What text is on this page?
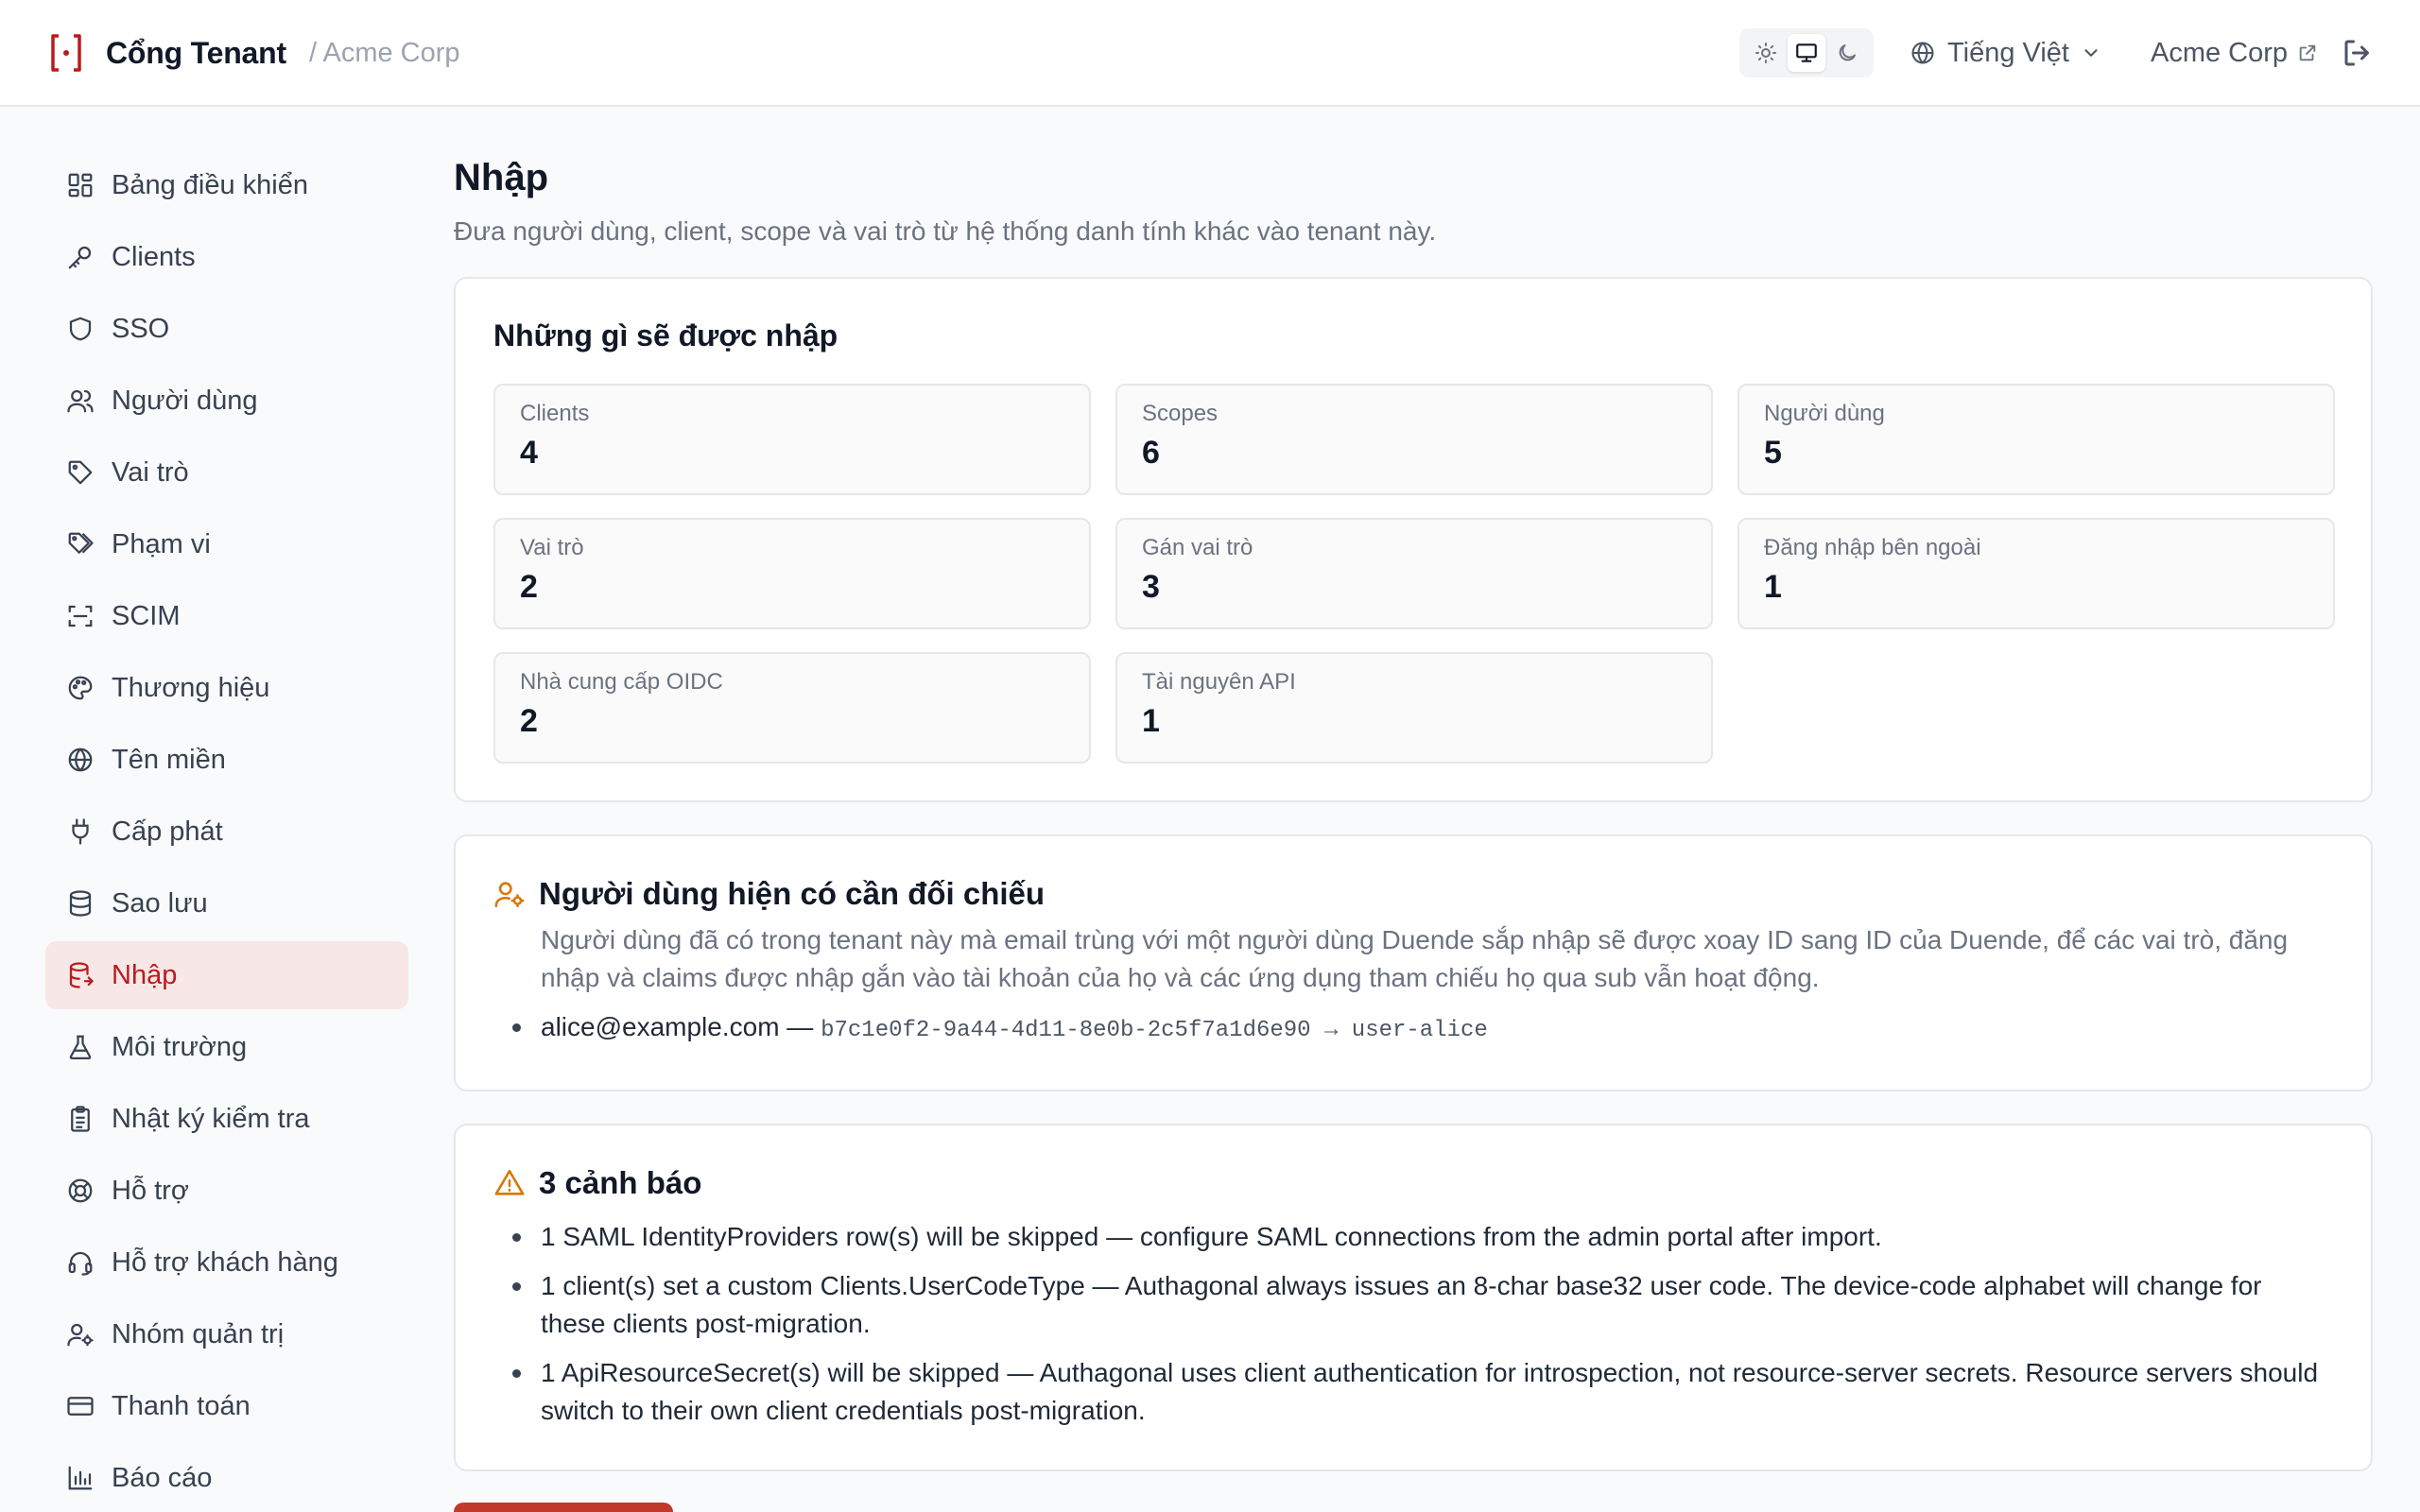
Cổng Tenant / Acme Corp	Tiếng Việt	Acme Corp
Bảng điều khiển
Clients
SSO
Người dùng
Vai trò
Phạm vi
SCIM
Thương hiệu
Tên miền
Cấp phát
Sao lưu
Nhập
Môi trường
Nhật ký kiểm tra
Hỗ trợ
Hỗ trợ khách hàng
Nhóm quản trị
Thanh toán
Báo cáo
Nhập

Đưa người dùng, client, scope và vai trò từ hệ thống danh tính khác vào tenant này.

Những gì sẽ được nhập
Clients
4
Scopes
6
Người dùng
5
Vai trò
2
Gán vai trò
3
Đăng nhập bên ngoài
1
Nhà cung cấp OIDC
2
Tài nguyên API
1
Người dùng hiện có cần đối chiếu

Người dùng đã có trong tenant này mà email trùng với một người dùng Duende sắp nhập sẽ được xoay ID sang ID của Duende, để các vai trò, đăng nhập và claims được nhập gắn vào tài khoản của họ và các ứng dụng tham chiếu họ qua sub vẫn hoạt động.

alice@example.com — b7c1e0f2-9a44-4d11-8e0b-2c5f7a1d6e90 → user-alice
3 cảnh báo
1 SAML IdentityProviders row(s) will be skipped — configure SAML connections from the admin portal after import.
1 client(s) set a custom Clients.UserCodeType — Authagonal always issues an 8-char base32 user code. The device-code alphabet will change for these clients post-migration.
1 ApiResourceSecret(s) will be skipped — Authagonal uses client authentication for introspection, not resource-server secrets. Resource servers should switch to their own client credentials post-migration.
